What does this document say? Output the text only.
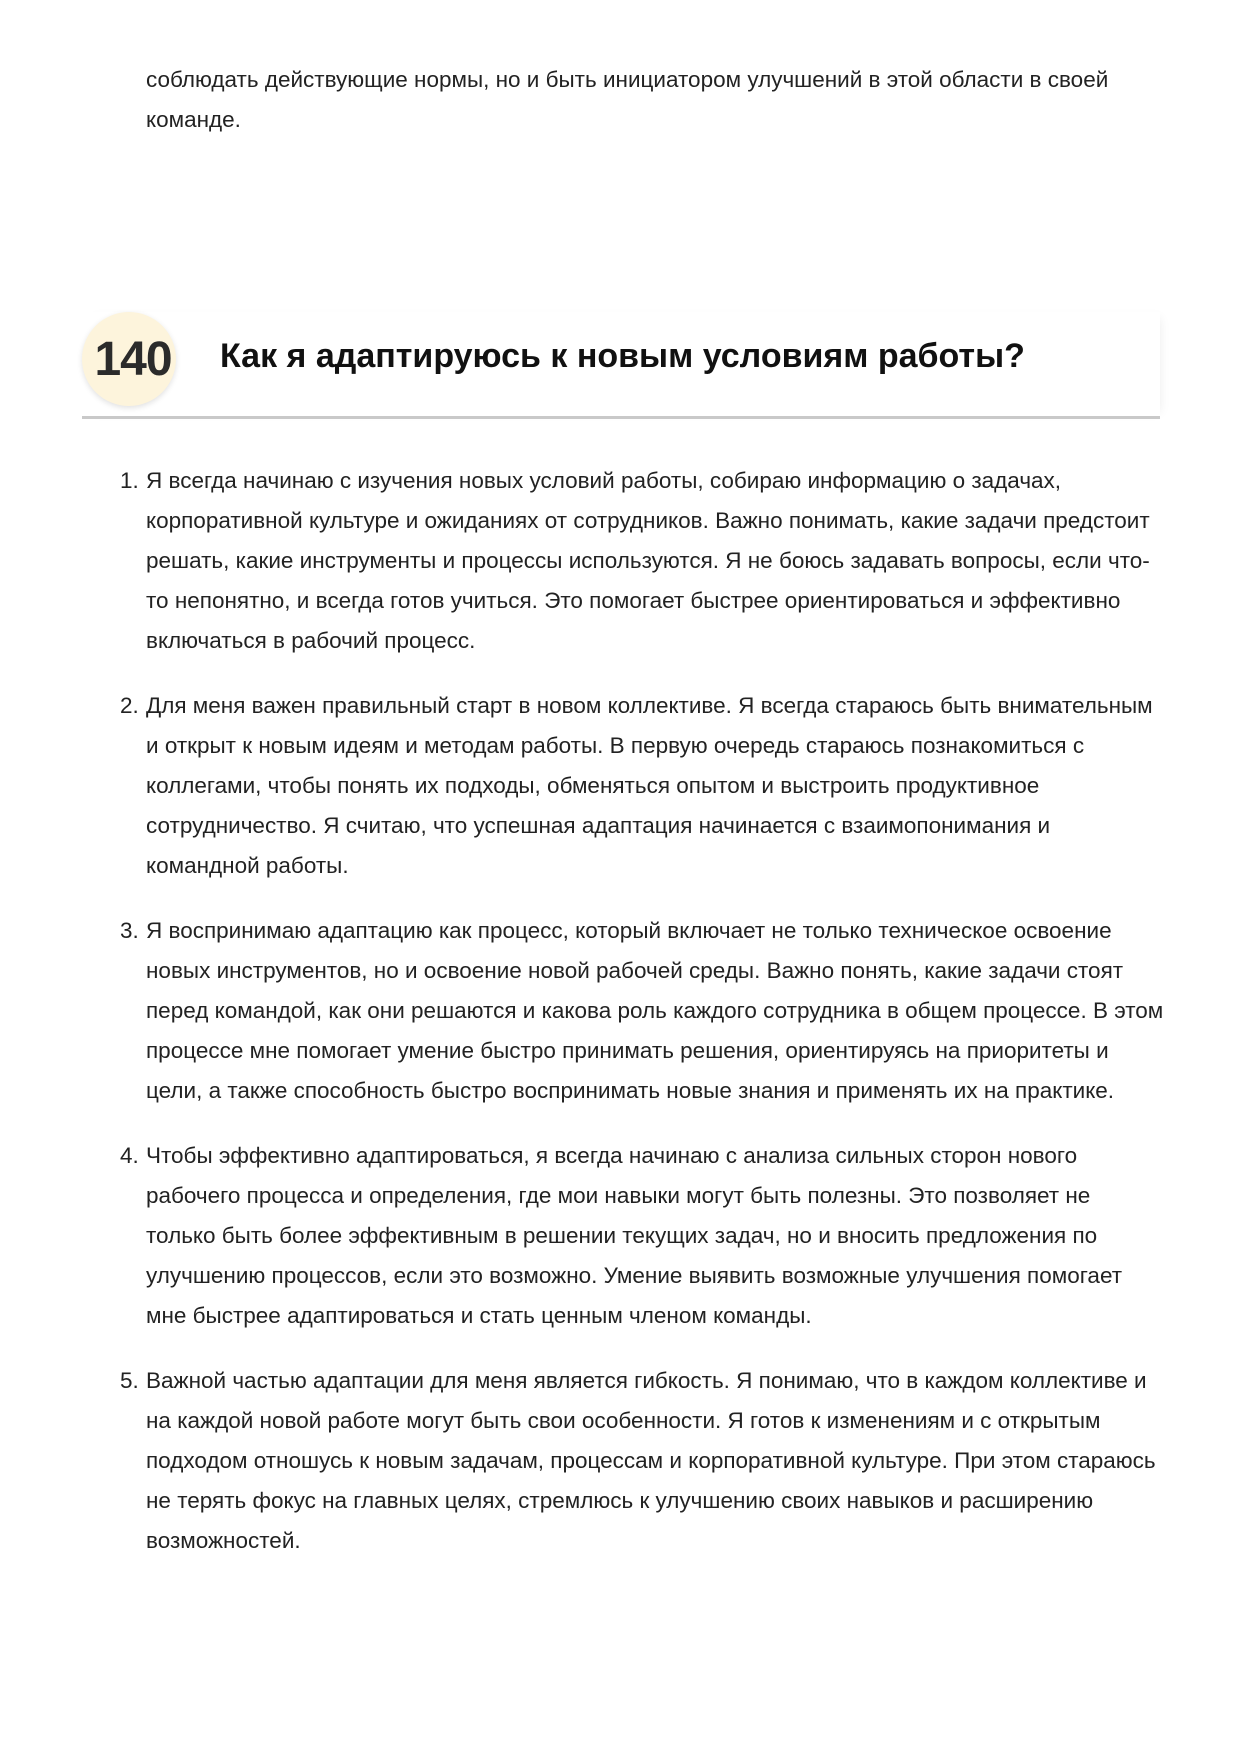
соблюдать действующие нормы, но и быть инициатором улучшений в этой области в своей команде.

140 Как я адаптируюсь к новым условиям работы?
1. Я всегда начинаю с изучения новых условий работы, собираю информацию о задачах, корпоративной культуре и ожиданиях от сотрудников. Важно понимать, какие задачи предстоит решать, какие инструменты и процессы используются. Я не боюсь задавать вопросы, если что-то непонятно, и всегда готов учиться. Это помогает быстрее ориентироваться и эффективно включаться в рабочий процесс.
2. Для меня важен правильный старт в новом коллективе. Я всегда стараюсь быть внимательным и открыт к новым идеям и методам работы. В первую очередь стараюсь познакомиться с коллегами, чтобы понять их подходы, обменяться опытом и выстроить продуктивное сотрудничество. Я считаю, что успешная адаптация начинается с взаимопонимания и командной работы.
3. Я воспринимаю адаптацию как процесс, который включает не только техническое освоение новых инструментов, но и освоение новой рабочей среды. Важно понять, какие задачи стоят перед командой, как они решаются и какова роль каждого сотрудника в общем процессе. В этом процессе мне помогает умение быстро принимать решения, ориентируясь на приоритеты и цели, а также способность быстро воспринимать новые знания и применять их на практике.
4. Чтобы эффективно адаптироваться, я всегда начинаю с анализа сильных сторон нового рабочего процесса и определения, где мои навыки могут быть полезны. Это позволяет не только быть более эффективным в решении текущих задач, но и вносить предложения по улучшению процессов, если это возможно. Умение выявить возможные улучшения помогает мне быстрее адаптироваться и стать ценным членом команды.
5. Важной частью адаптации для меня является гибкость. Я понимаю, что в каждом коллективе и на каждой новой работе могут быть свои особенности. Я готов к изменениям и с открытым подходом отношусь к новым задачам, процессам и корпоративной культуре. При этом стараюсь не терять фокус на главных целях, стремлюсь к улучшению своих навыков и расширению возможностей.
